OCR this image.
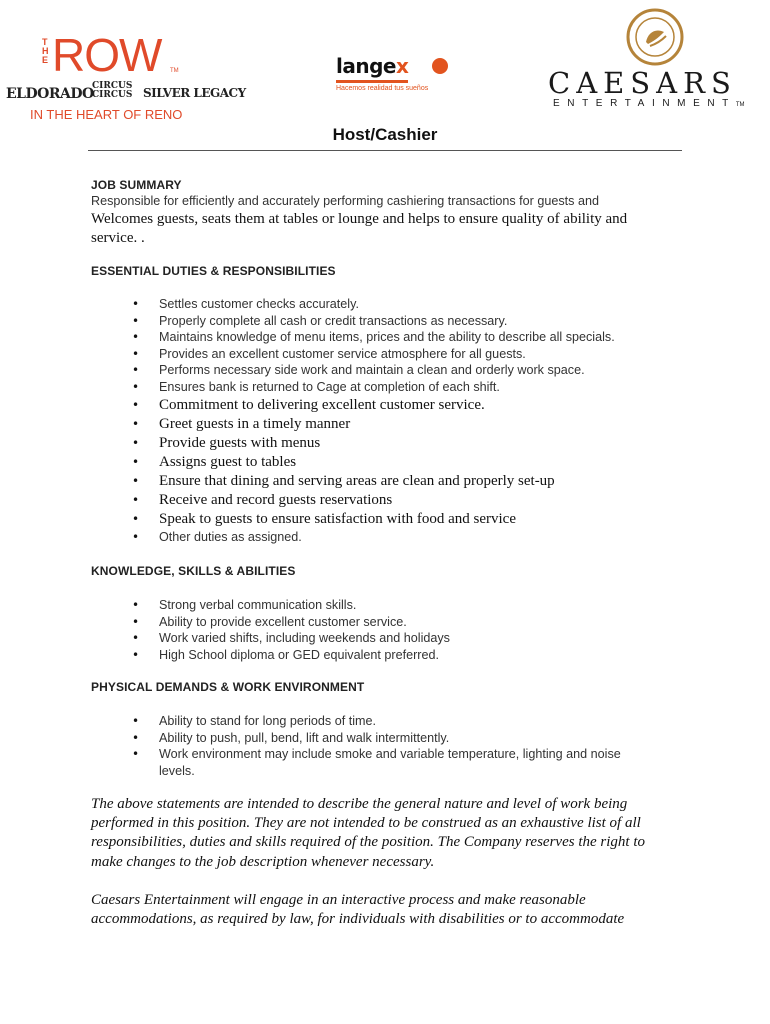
THE ROW TM
ELDORADO
CIRCUS
CIRCUS SILVER LEGACY
IN THE HEART OF RENO
langex
Hacemos realidad tus sueños	CAESARS
ENTERTAINMENTTM
Host/Cashier
JOB SUMMARY
Responsible for efficiently and accurately performing cashiering transactions for guests and
Welcomes guests, seats them at tables or lounge and helps to ensure quality of ability and service. .
ESSENTIAL DUTIES & RESPONSIBILITIES
• Settles customer checks accurately.
• Properly complete all cash or credit transactions as necessary.
• Maintains knowledge of menu items, prices and the ability to describe all specials.
• Provides an excellent customer service atmosphere for all guests.
• Performs necessary side work and maintain a clean and orderly work space.
• Ensures bank is returned to Cage at completion of each shift.
• Commitment to delivering excellent customer service.
• Greet guests in a timely manner
• Provide guests with menus
• Assigns guest to tables
• Ensure that dining and serving areas are clean and properly set-up
• Receive and record guests reservations
• Speak to guests to ensure satisfaction with food and service
• Other duties as assigned.
KNOWLEDGE, SKILLS & ABILITIES
• Strong verbal communication skills.
• Ability to provide excellent customer service.
• Work varied shifts, including weekends and holidays
• High School diploma or GED equivalent preferred.
PHYSICAL DEMANDS & WORK ENVIRONMENT
• Ability to stand for long periods of time.
• Ability to push, pull, bend, lift and walk intermittently.
• Work environment may include smoke and variable temperature, lighting and noise levels.
The above statements are intended to describe the general nature and level of work being performed in this position. They are not intended to be construed as an exhaustive list of all responsibilities, duties and skills required of the position. The Company reserves the right to make changes to the job description whenever necessary.
Caesars Entertainment will engage in an interactive process and make reasonable accommodations, as required by law, for individuals with disabilities or to accommodate
